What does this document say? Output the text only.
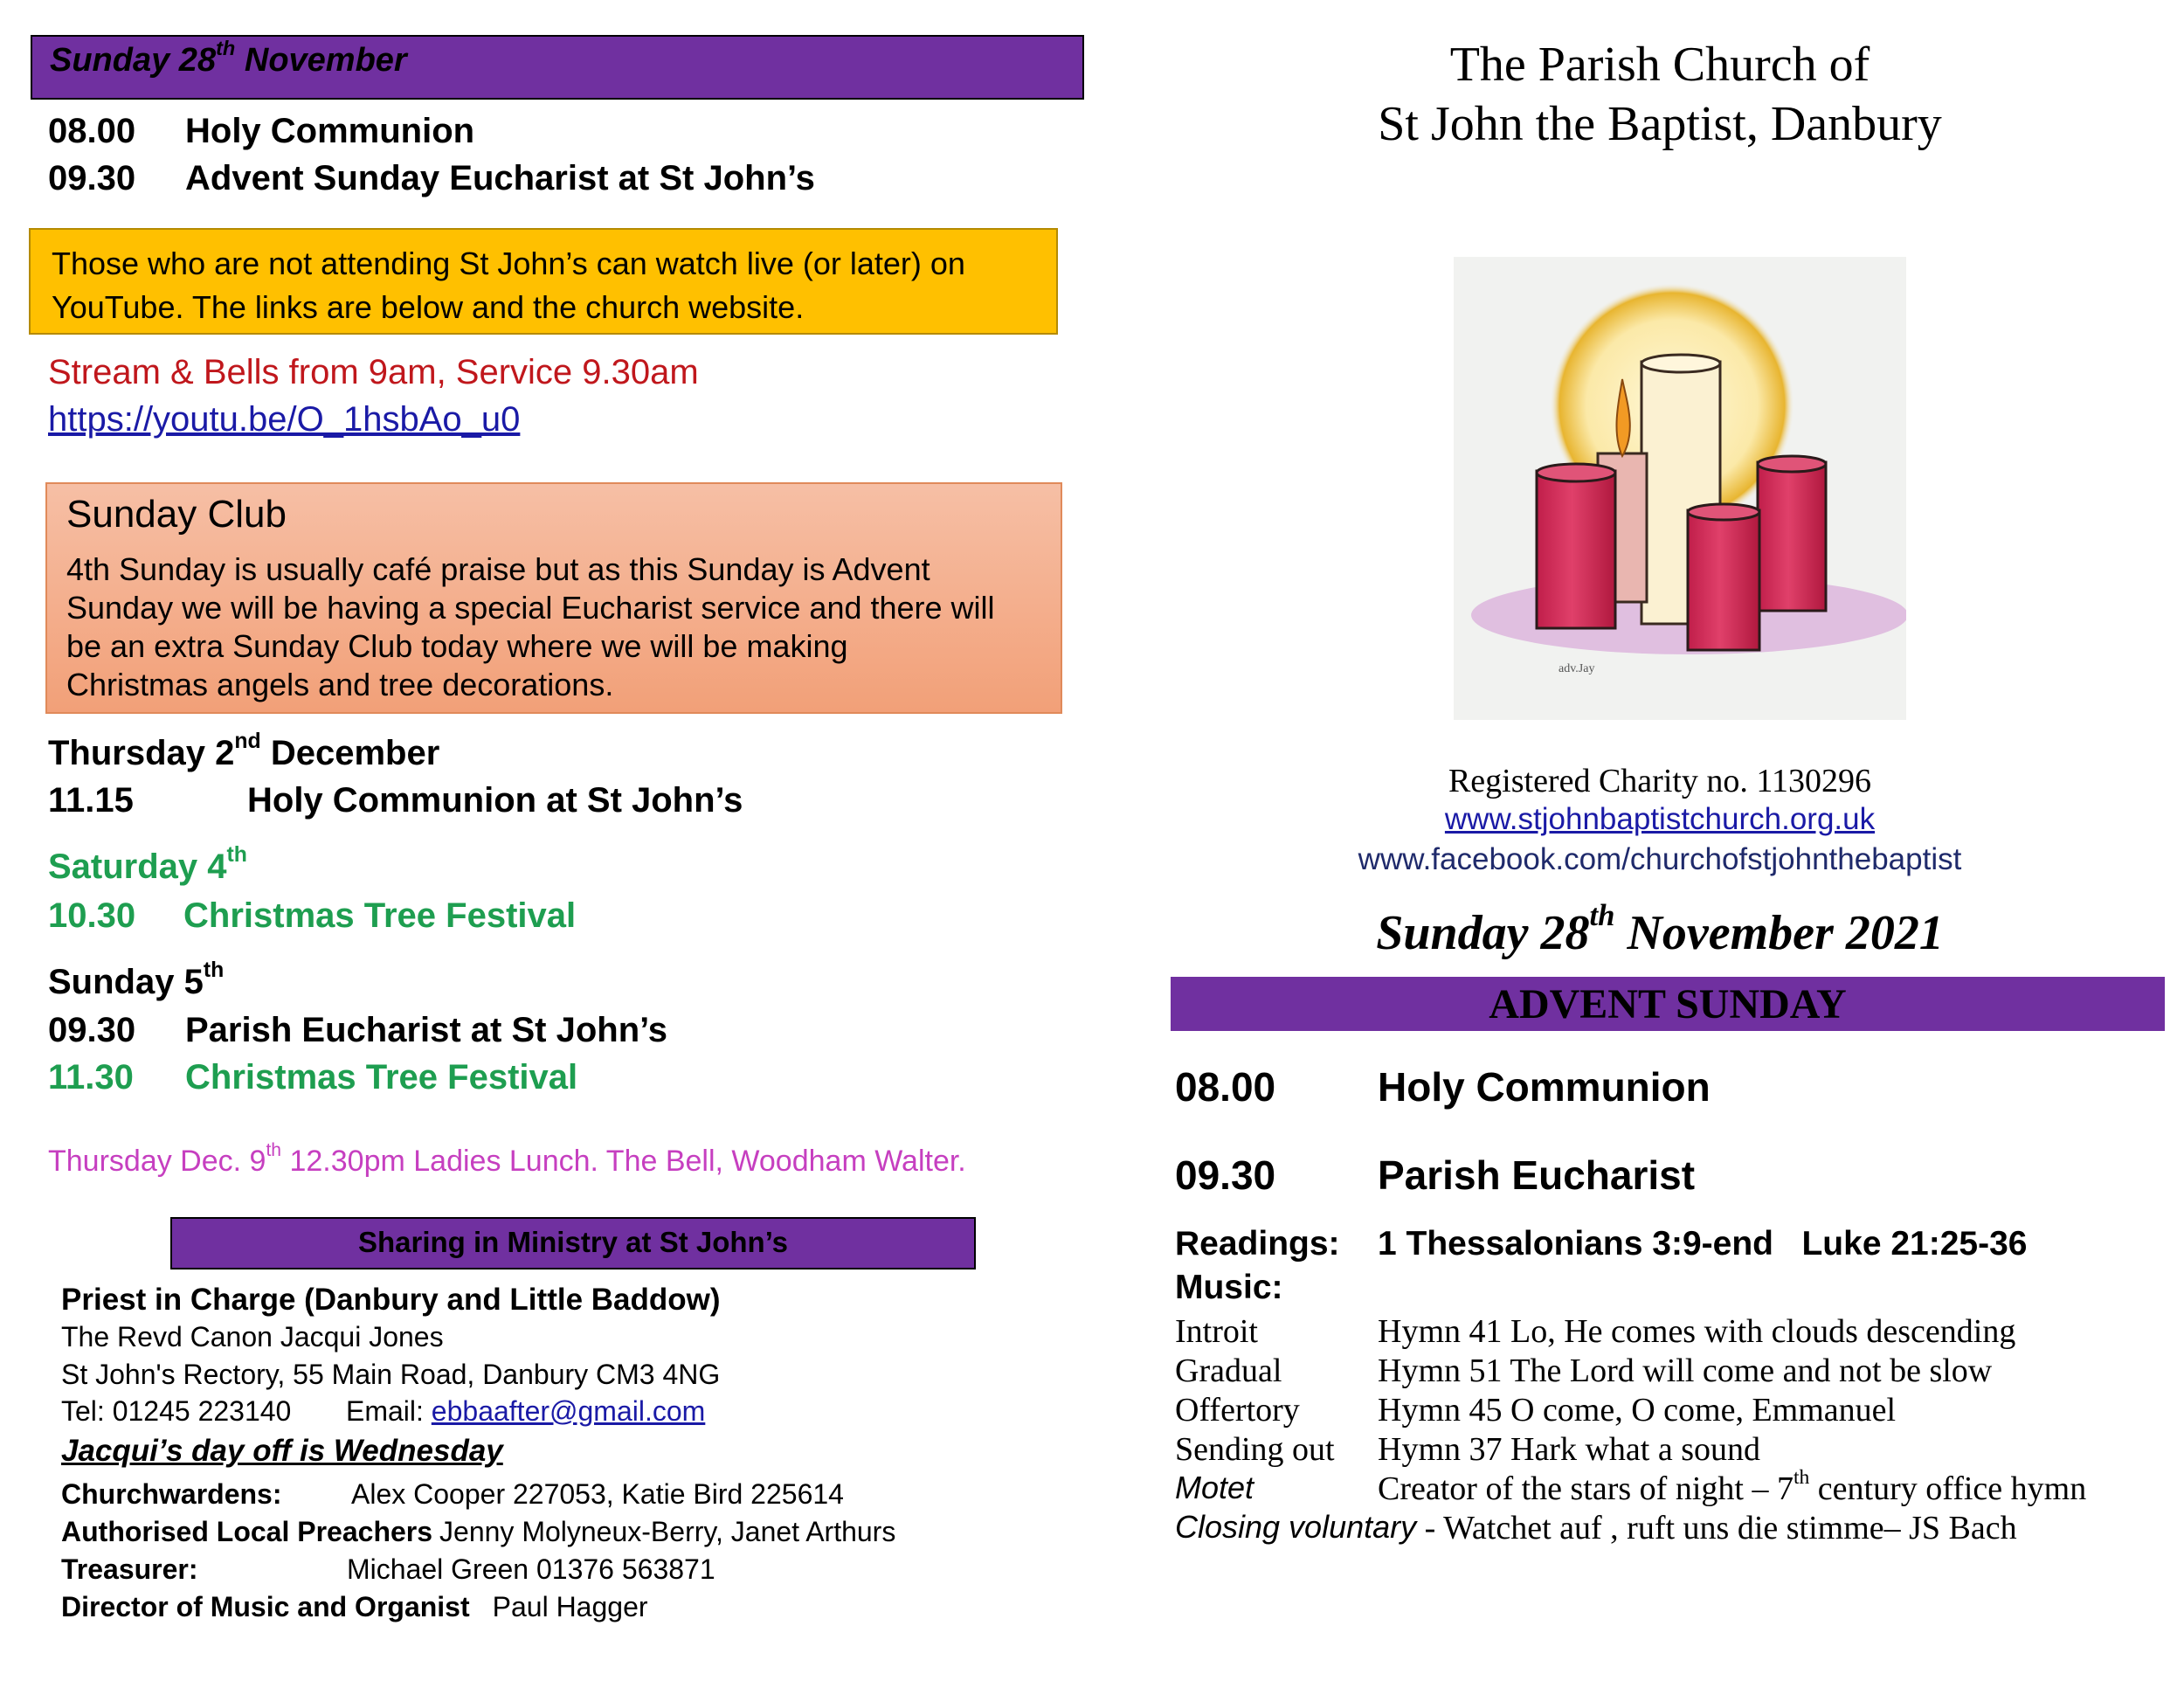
Sunday 28th November
08.00	Holy Communion
09.30	Advent Sunday Eucharist at St John’s
Those who are not attending St John’s can watch live (or later) on YouTube. The links are below and the church website.
Stream & Bells from 9am, Service 9.30am
https://youtu.be/O_1hsbAo_u0
Sunday Club
4th Sunday is usually café praise but as this Sunday is Advent
Sunday we will be having a special Eucharist service and there will
be an extra Sunday Club today where we will be making
Christmas angels and tree decorations.
Thursday 2nd December
11.15	Holy Communion at St John’s
Saturday 4th
10.30	Christmas Tree Festival
Sunday 5th
09.30	Parish Eucharist at St John’s
11.30	Christmas Tree Festival
Thursday Dec. 9th 12.30pm Ladies Lunch. The Bell, Woodham Walter.
Sharing in Ministry at St John’s
Priest in Charge (Danbury and Little Baddow)
The Revd Canon Jacqui Jones
St John's Rectory, 55 Main Road, Danbury CM3 4NG
Tel: 01245 223140 Email: ebbaafter@gmail.com
Jacqui’s day off is Wednesday
Churchwardens:	Alex Cooper 227053, Katie Bird 225614
Authorised Local Preachers Jenny Molyneux-Berry, Janet Arthurs
Treasurer:	Michael Green 01376 563871
Director of Music and Organist Paul Hagger
The Parish Church of
St John the Baptist, Danbury
adv.Jay
Registered Charity no. 1130296
www.stjohnbaptistchurch.org.uk
www.facebook.com/churchofstjohnthebaptist
Sunday 28th November 2021
ADVENT SUNDAY
08.00	Holy Communion
09.30	Parish Eucharist
Readings:	1 Thessalonians 3:9-end   Luke 21:25-36
Music:
Introit	Hymn 41 Lo, He comes with clouds descending
Gradual	Hymn 51 The Lord will come and not be slow
Offertory	Hymn 45 O come, O come, Emmanuel
Sending out	Hymn 37 Hark what a sound
Motet	Creator of the stars of night – 7th century office hymn
Closing voluntary - Watchet auf , ruft uns die stimme– JS Bach
